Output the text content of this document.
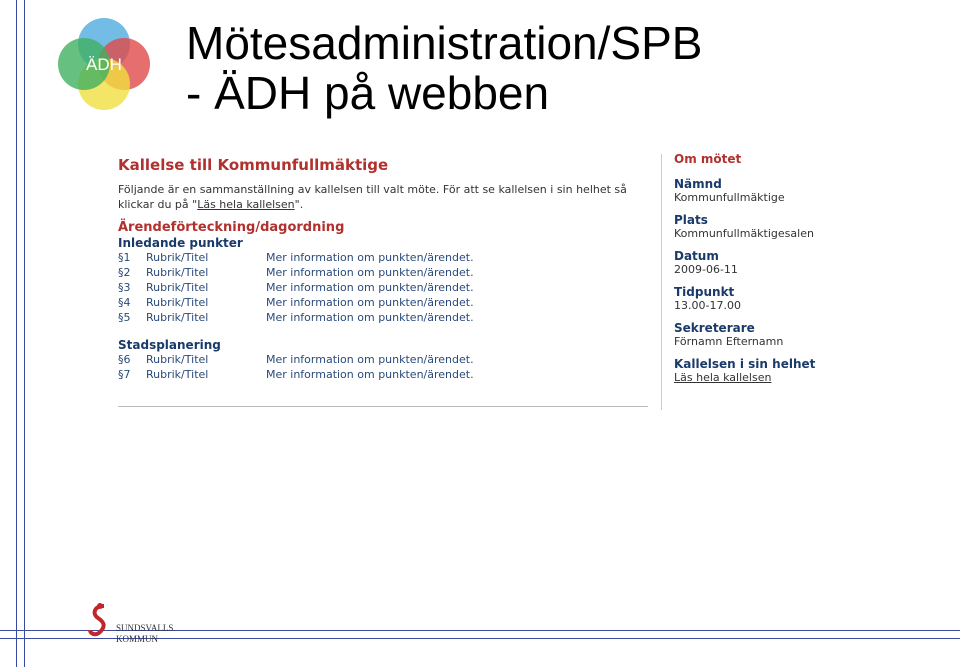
ÄDH Mötesadministration/SPB
- ÄDH på webben
Kallelse till Kommunfullmäktige
Följande är en sammanställning av kallelsen till valt möte. För att se kallelsen i sin helhet så klickar du på "Läs hela kallelsen".
Ärendeförteckning/dagordning
Inledande punkter
§1	Rubrik/Titel	Mer information om punkten/ärendet.
§2	Rubrik/Titel	Mer information om punkten/ärendet.
§3	Rubrik/Titel	Mer information om punkten/ärendet.
§4	Rubrik/Titel	Mer information om punkten/ärendet.
§5	Rubrik/Titel	Mer information om punkten/ärendet.
Stadsplanering
§6	Rubrik/Titel	Mer information om punkten/ärendet.
§7	Rubrik/Titel	Mer information om punkten/ärendet.
Om mötet
Nämnd
Kommunfullmäktige
Plats
Kommunfullmäktigesalen
Datum
2009-06-11
Tidpunkt
13.00-17.00
Sekreterare
Förnamn Efternamn
Kallelsen i sin helhet
Läs hela kallelsen
SUNDSVALLS
KOMMUN
